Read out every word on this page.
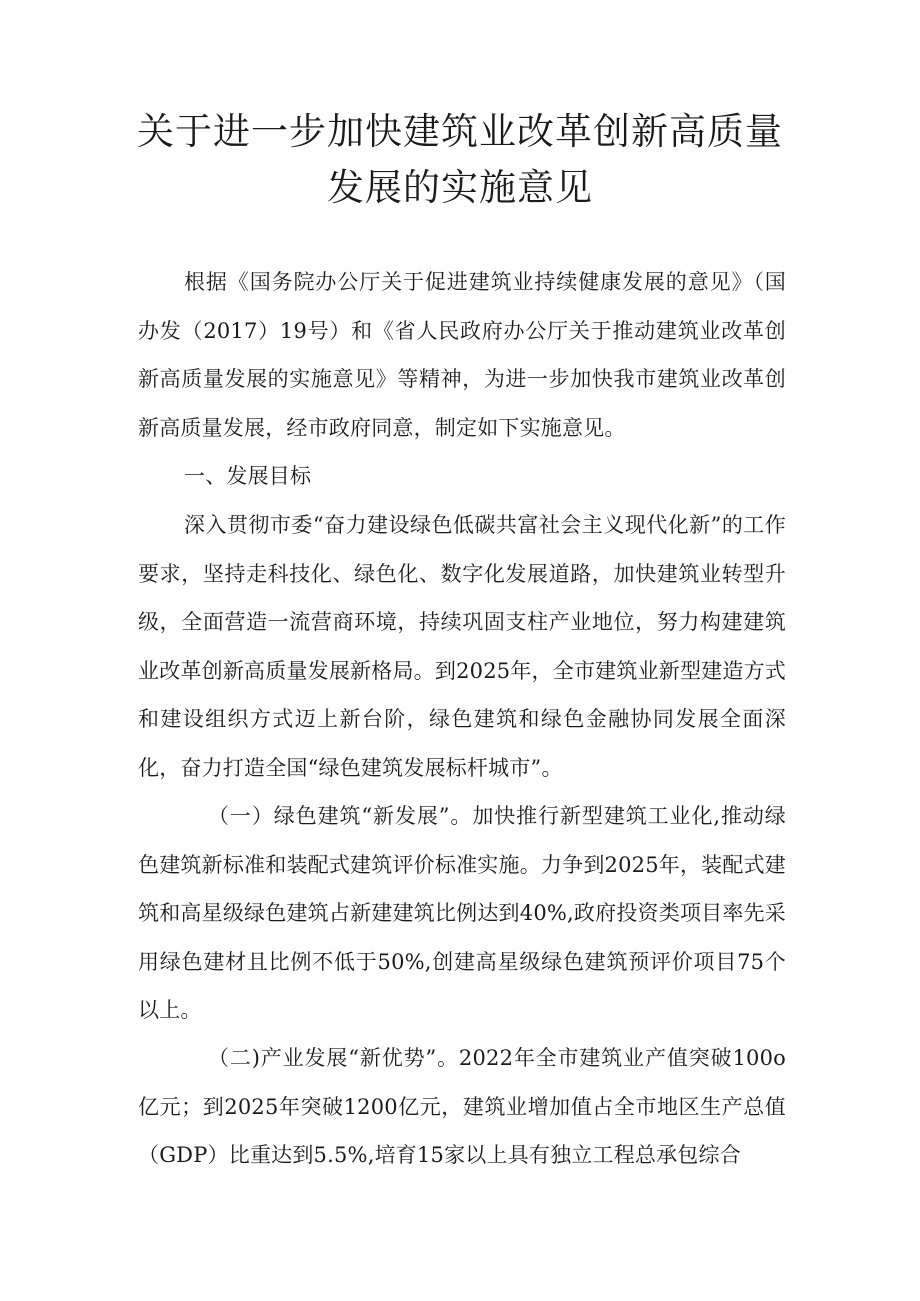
关于进一步加快建筑业改革创新高质量发展的实施意见

根据《国务院办公厅关于促进建筑业持续健康发展的意见》（国办发（2017）19号）和《省人民政府办公厅关于推动建筑业改革创新高质量发展的实施意见》等精神，为进一步加快我市建筑业改革创新高质量发展，经市政府同意，制定如下实施意见。

一、发展目标

深入贯彻市委“奋力建设绿色低碳共富社会主义现代化新”的工作要求，坚持走科技化、绿色化、数字化发展道路，加快建筑业转型升级，全面营造一流营商环境，持续巩固支柱产业地位，努力构建建筑业改革创新高质量发展新格局。到2025年，全市建筑业新型建造方式和建设组织方式迈上新台阶，绿色建筑和绿色金融协同发展全面深化，奋力打造全国“绿色建筑发展标杆城市”。

（一）绿色建筑“新发展”。加快推行新型建筑工业化,推动绿色建筑新标准和装配式建筑评价标准实施。力争到2025年，装配式建筑和高星级绿色建筑占新建建筑比例达到40%,政府投资类项目率先采用绿色建材且比例不低于50%,创建高星级绿色建筑预评价项目75个以上。

（二)产业发展“新优势”。2022年全市建筑业产值突破100o亿元；到2025年突破1200亿元，建筑业增加值占全市地区生产总值（GDP）比重达到5.5%,培育15家以上具有独立工程总承包综合
